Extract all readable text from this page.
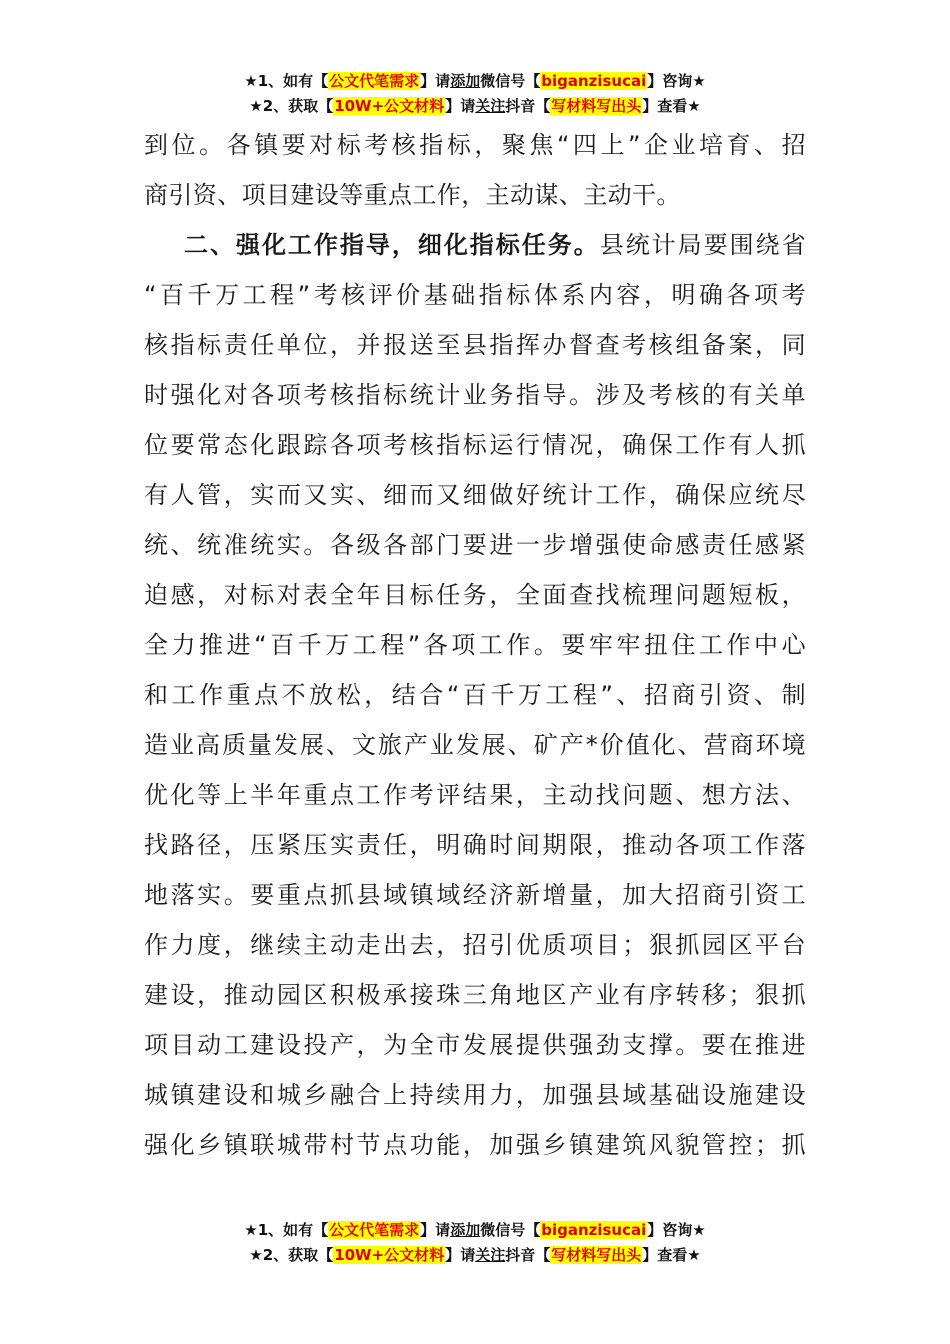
★1、如有【公文代笔需求】请添加微信号【biganzisucai】咨询★
★2、获取【10W+公文材料】请关注抖音【写材料写出头】查看★
到位。各镇要对标考核指标，聚焦“四上”企业培育、招
商引资、项目建设等重点工作，主动谋、主动干。
二、强化工作指导，细化指标任务。县统计局要围绕省
“百千万工程”考核评价基础指标体系内容，明确各项考
核指标责任单位，并报送至县指挥办督查考核组备案，同
时强化对各项考核指标统计业务指导。涉及考核的有关单
位要常态化跟踪各项考核指标运行情况，确保工作有人抓
有人管，实而又实、细而又细做好统计工作，确保应统尽
统、统准统实。各级各部门要进一步增强使命感责任感紧
迫感，对标对表全年目标任务，全面查找梳理问题短板，
全力推进“百千万工程”各项工作。要牢牢扭住工作中心
和工作重点不放松，结合“百千万工程”、招商引资、制
造业高质量发展、文旅产业发展、矿产*价值化、营商环境
优化等上半年重点工作考评结果，主动找问题、想方法、
找路径，压紧压实责任，明确时间期限，推动各项工作落
地落实。要重点抓县域镇域经济新增量，加大招商引资工
作力度，继续主动走出去，招引优质项目；狠抓园区平台
建设，推动园区积极承接珠三角地区产业有序转移；狠抓
项目动工建设投产，为全市发展提供强劲支撑。要在推进
城镇建设和城乡融合上持续用力，加强县域基础设施建设
强化乡镇联城带村节点功能，加强乡镇建筑风貌管控；抓
★1、如有【公文代笔需求】请添加微信号【biganzisucai】咨询★
★2、获取【10W+公文材料】请关注抖音【写材料写出头】查看★
